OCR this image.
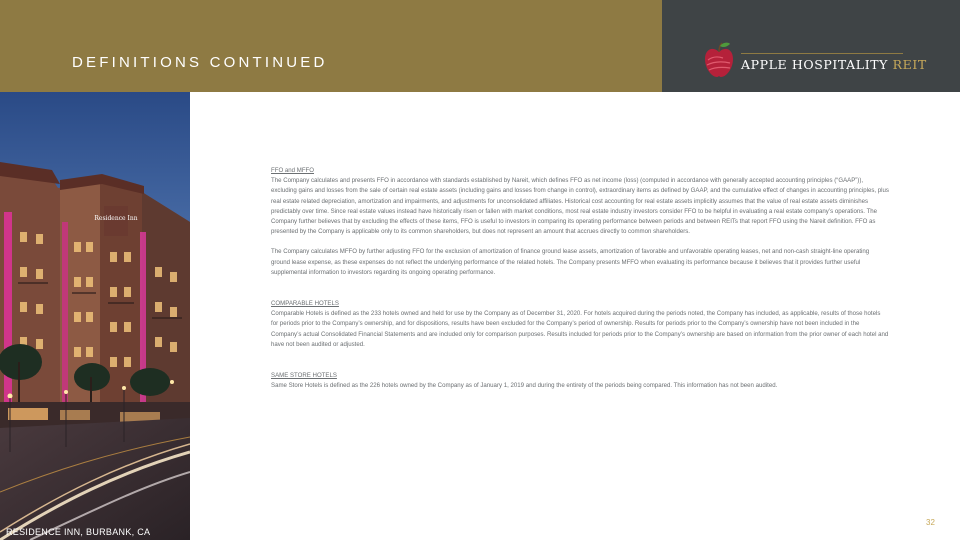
DEFINITIONS CONTINUED	APPLE HOSPITALITY REIT
Residence Inn
RESIDENCE INN, BURBANK, CA

FFO and MFFO

The Company calculates and presents FFO in accordance with standards established by Nareit, which defines FFO as net income (loss) (computed in accordance with generally accepted accounting principles (“GAAP”)), excluding gains and losses from the sale of certain real estate assets (including gains and losses from change in control), extraordinary items as defined by GAAP, and the cumulative effect of changes in accounting principles, plus real estate related depreciation, amortization and impairments, and adjustments for unconsolidated affiliates. Historical cost accounting for real estate assets implicitly assumes that the value of real estate assets diminishes predictably over time. Since real estate values instead have historically risen or fallen with market conditions, most real estate industry investors consider FFO to be helpful in evaluating a real estate company’s operations. The Company further believes that by excluding the effects of these items, FFO is useful to investors in comparing its operating performance between periods and between REITs that report FFO using the Nareit definition. FFO as presented by the Company is applicable only to its common shareholders, but does not represent an amount that accrues directly to common shareholders.

The Company calculates MFFO by further adjusting FFO for the exclusion of amortization of finance ground lease assets, amortization of favorable and unfavorable operating leases, net and non-cash straight-line operating ground lease expense, as these expenses do not reflect the underlying performance of the related hotels. The Company presents MFFO when evaluating its performance because it believes that it provides further useful supplemental information to investors regarding its ongoing operating performance.

COMPARABLE HOTELS

Comparable Hotels is defined as the 233 hotels owned and held for use by the Company as of December 31, 2020. For hotels acquired during the periods noted, the Company has included, as applicable, results of those hotels for periods prior to the Company’s ownership, and for dispositions, results have been excluded for the Company’s period of ownership. Results for periods prior to the Company’s ownership have not been included in the Company’s actual Consolidated Financial Statements and are included only for comparison purposes. Results included for periods prior to the Company’s ownership are based on information from the prior owner of each hotel and have not been audited or adjusted.

SAME STORE HOTELS

Same Store Hotels is defined as the 226 hotels owned by the Company as of January 1, 2019 and during the entirety of the periods being compared. This information has not been audited.

32
